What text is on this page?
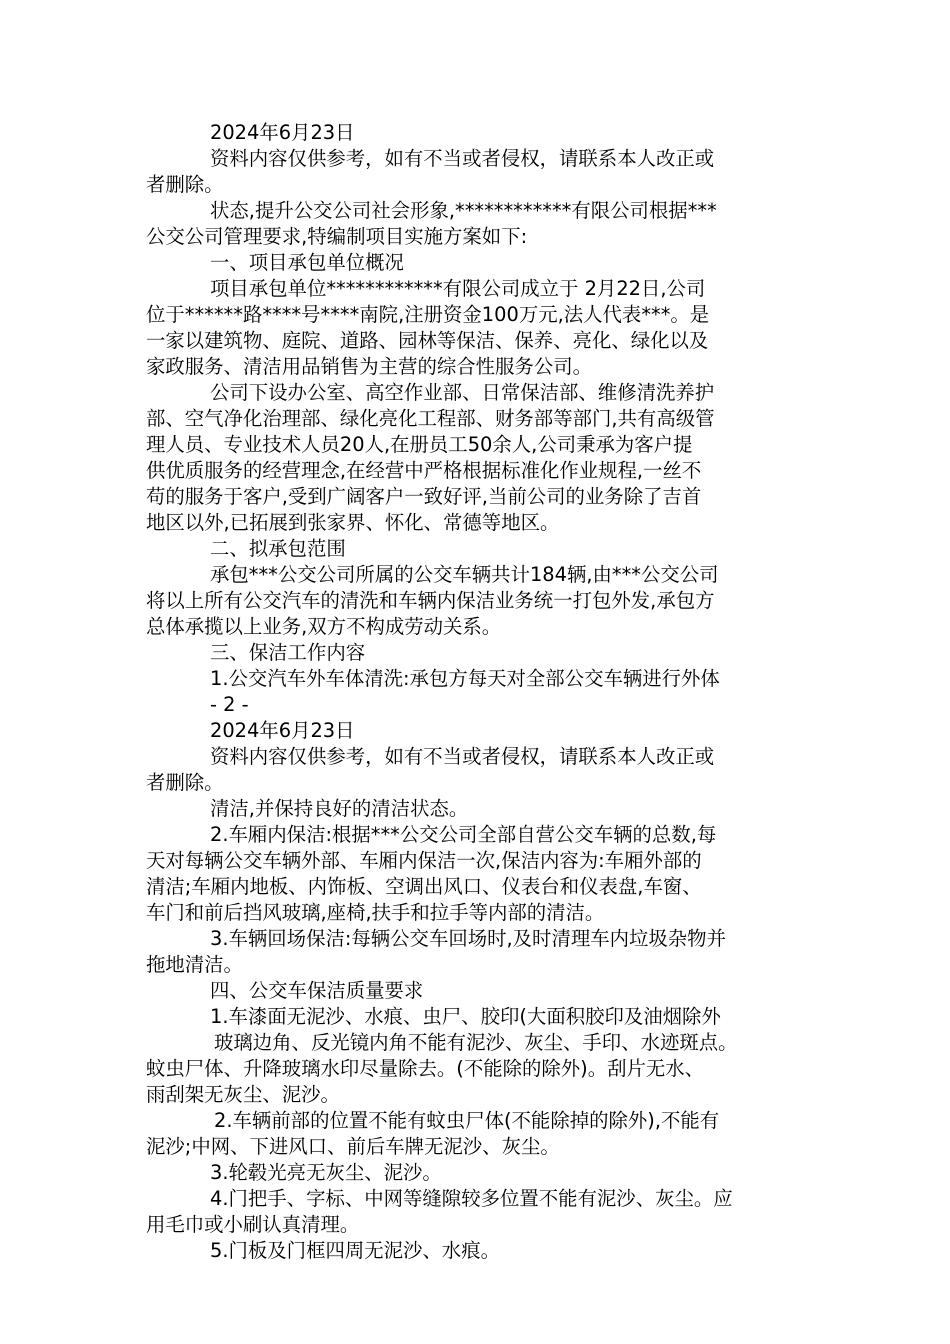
2024年6月23日
资料内容仅供参考，如有不当或者侵权，请联系本人改正或
者删除。
状态,提升公交公司社会形象,************有限公司根据***
公交公司管理要求,特编制项目实施方案如下:
一、项目承包单位概况
项目承包单位************有限公司成立于 2月22日,公司
位于******路****号****南院,注册资金100万元,法人代表***。是
一家以建筑物、庭院、道路、园林等保洁、保养、亮化、绿化以及
家政服务、清洁用品销售为主营的综合性服务公司。
公司下设办公室、高空作业部、日常保洁部、维修清洗养护
部、空气净化治理部、绿化亮化工程部、财务部等部门,共有高级管
理人员、专业技术人员20人,在册员工50余人,公司秉承为客户提
供优质服务的经营理念,在经营中严格根据标准化作业规程,一丝不
苟的服务于客户,受到广阔客户一致好评,当前公司的业务除了吉首
地区以外,已拓展到张家界、怀化、常德等地区。
二、拟承包范围
承包***公交公司所属的公交车辆共计184辆,由***公交公司
将以上所有公交汽车的清洗和车辆内保洁业务统一打包外发,承包方
总体承揽以上业务,双方不构成劳动关系。
三、保洁工作内容
1.公交汽车外车体清洗:承包方每天对全部公交车辆进行外体
- 2 -
2024年6月23日
资料内容仅供参考，如有不当或者侵权，请联系本人改正或
者删除。
清洁,并保持良好的清洁状态。
2.车厢内保洁:根据***公交公司全部自营公交车辆的总数,每
天对每辆公交车辆外部、车厢内保洁一次,保洁内容为:车厢外部的
清洁;车厢内地板、内饰板、空调出风口、仪表台和仪表盘,车窗、
车门和前后挡风玻璃,座椅,扶手和拉手等内部的清洁。
3.车辆回场保洁:每辆公交车回场时,及时清理车内垃圾杂物并
拖地清洁。
四、公交车保洁质量要求
1.车漆面无泥沙、水痕、虫尸、胶印(大面积胶印及油烟除外
玻璃边角、反光镜内角不能有泥沙、灰尘、手印、水迹斑点。
蚊虫尸体、升降玻璃水印尽量除去。(不能除的除外)。刮片无水、
雨刮架无灰尘、泥沙。
2.车辆前部的位置不能有蚊虫尸体(不能除掉的除外),不能有
泥沙;中网、下进风口、前后车牌无泥沙、灰尘。
3.轮毂光亮无灰尘、泥沙。
4.门把手、字标、中网等缝隙较多位置不能有泥沙、灰尘。应
用毛巾或小刷认真清理。
5.门板及门框四周无泥沙、水痕。
